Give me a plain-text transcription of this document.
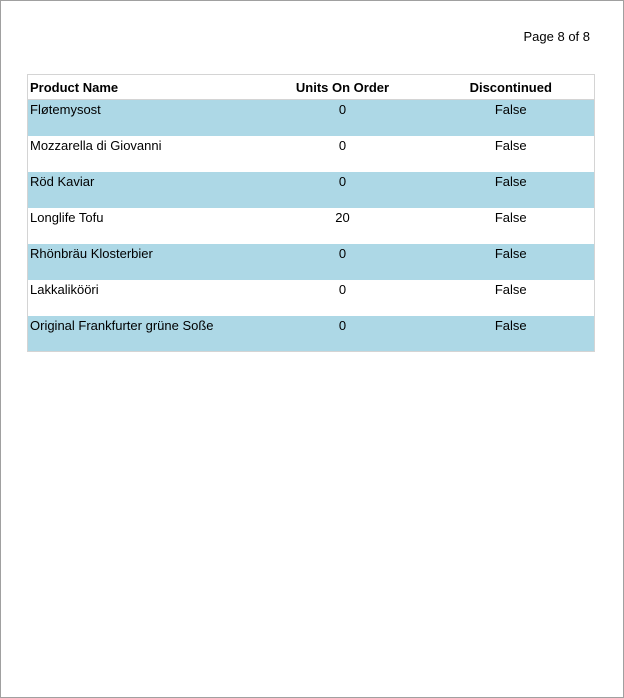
Page 8 of 8
Product Name	Units On Order	Discontinued
Fløtemysost	0	False
Mozzarella di Giovanni	0	False
Röd Kaviar	0	False
Longlife Tofu	20	False
Rhönbräu Klosterbier	0	False
Lakkalikööri	0	False
Original Frankfurter grüne Soße	0	False
